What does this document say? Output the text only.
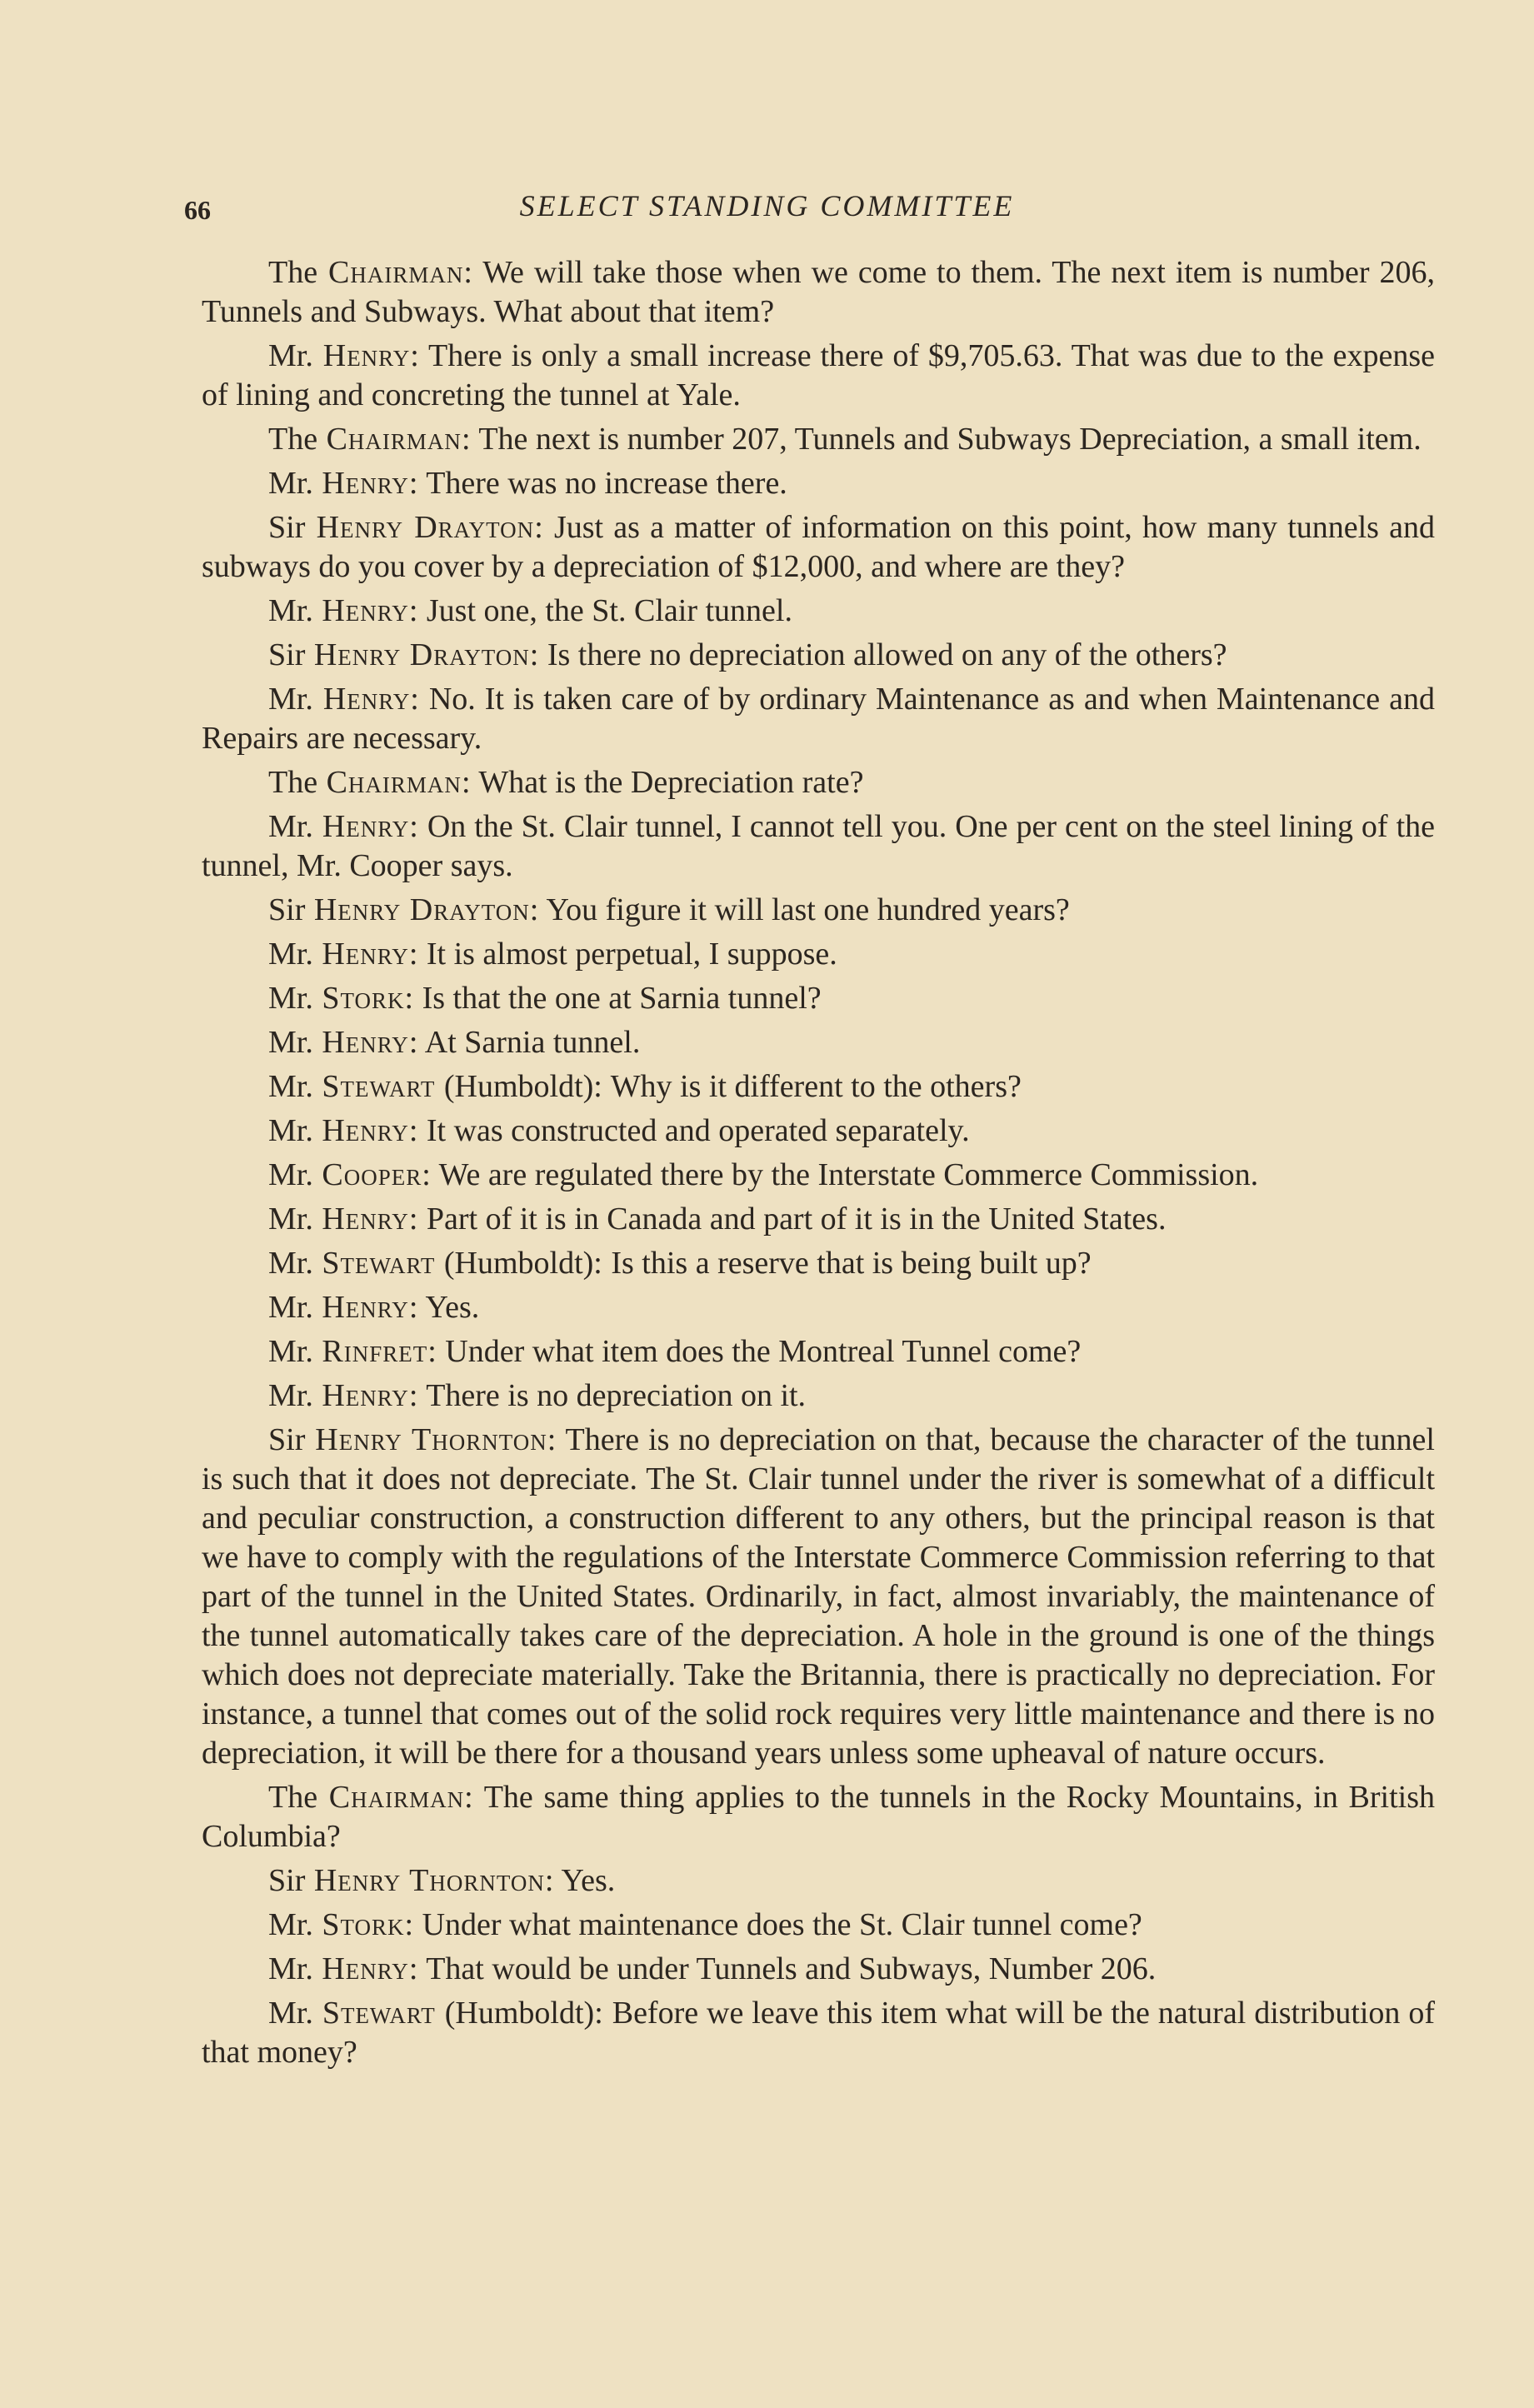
66	SELECT STANDING COMMITTEE

The Chairman: We will take those when we come to them. The next item is number 206, Tunnels and Subways. What about that item?

Mr. Henry: There is only a small increase there of $9,705.63. That was due to the expense of lining and concreting the tunnel at Yale.

The Chairman: The next is number 207, Tunnels and Subways Depreciation, a small item.

Mr. Henry: There was no increase there.

Sir Henry Drayton: Just as a matter of information on this point, how many tunnels and subways do you cover by a depreciation of $12,000, and where are they?

Mr. Henry: Just one, the St. Clair tunnel.

Sir Henry Drayton: Is there no depreciation allowed on any of the others?

Mr. Henry: No. It is taken care of by ordinary Maintenance as and when Maintenance and Repairs are necessary.

The Chairman: What is the Depreciation rate?

Mr. Henry: On the St. Clair tunnel, I cannot tell you. One per cent on the steel lining of the tunnel, Mr. Cooper says.

Sir Henry Drayton: You figure it will last one hundred years?

Mr. Henry: It is almost perpetual, I suppose.

Mr. Stork: Is that the one at Sarnia tunnel?

Mr. Henry: At Sarnia tunnel.

Mr. Stewart (Humboldt): Why is it different to the others?

Mr. Henry: It was constructed and operated separately.

Mr. Cooper: We are regulated there by the Interstate Commerce Commission.

Mr. Henry: Part of it is in Canada and part of it is in the United States.

Mr. Stewart (Humboldt): Is this a reserve that is being built up?

Mr. Henry: Yes.

Mr. Rinfret: Under what item does the Montreal Tunnel come?

Mr. Henry: There is no depreciation on it.

Sir Henry Thornton: There is no depreciation on that, because the character of the tunnel is such that it does not depreciate. The St. Clair tunnel under the river is somewhat of a difficult and peculiar construction, a construction different to any others, but the principal reason is that we have to comply with the regulations of the Interstate Commerce Commission referring to that part of the tunnel in the United States. Ordinarily, in fact, almost invariably, the maintenance of the tunnel automatically takes care of the depreciation. A hole in the ground is one of the things which does not depreciate materially. Take the Britannia, there is practically no depreciation. For instance, a tunnel that comes out of the solid rock requires very little maintenance and there is no depreciation, it will be there for a thousand years unless some upheaval of nature occurs.

The Chairman: The same thing applies to the tunnels in the Rocky Mountains, in British Columbia?

Sir Henry Thornton: Yes.

Mr. Stork: Under what maintenance does the St. Clair tunnel come?

Mr. Henry: That would be under Tunnels and Subways, Number 206.

Mr. Stewart (Humboldt): Before we leave this item what will be the natural distribution of that money?
